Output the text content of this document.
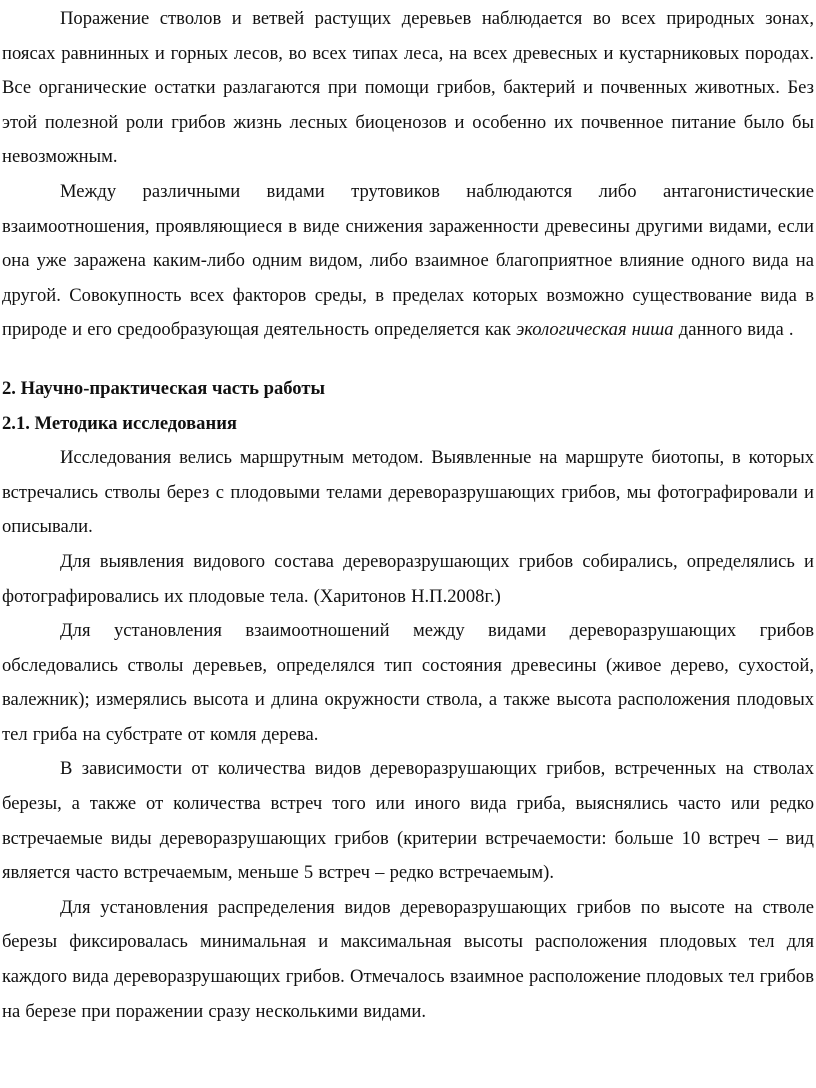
Поражение стволов и ветвей растущих деревьев наблюдается во всех природных зонах, поясах равнинных и горных лесов, во всех типах леса, на всех древесных и кустарниковых породах. Все органические остатки разлагаются при помощи грибов, бактерий и почвенных животных. Без этой полезной роли грибов жизнь лесных биоценозов и особенно их почвенное питание было бы невозможным.

Между различными видами трутовиков наблюдаются либо антагонистические взаимоотношения, проявляющиеся в виде снижения зараженности древесины другими видами, если она уже заражена каким-либо одним видом, либо взаимное благоприятное влияние одного вида на другой. Совокупность всех факторов среды, в пределах которых возможно существование вида в природе и его средообразующая деятельность определяется как экологическая ниша данного вида .

2. Научно-практическая часть работы

2.1. Методика исследования

Исследования велись маршрутным методом. Выявленные на маршруте биотопы, в которых встречались стволы берез с плодовыми телами дереворазрушающих грибов, мы фотографировали и описывали.

Для выявления видового состава дереворазрушающих грибов собирались, определялись и фотографировались их плодовые тела. (Харитонов Н.П.2008г.)

Для установления взаимоотношений между видами дереворазрушающих грибов обследовались стволы деревьев, определялся тип состояния древесины (живое дерево, сухостой, валежник); измерялись высота и длина окружности ствола, а также высота расположения плодовых тел гриба на субстрате от комля дерева.

В зависимости от количества видов дереворазрушающих грибов, встреченных на стволах березы, а также от количества встреч того или иного вида гриба, выяснялись часто или редко встречаемые виды дереворазрушающих грибов (критерии встречаемости: больше 10 встреч – вид является часто встречаемым, меньше 5 встреч – редко встречаемым).

Для установления распределения видов дереворазрушающих грибов по высоте на стволе березы фиксировалась минимальная и максимальная высоты расположения плодовых тел для каждого вида дереворазрушающих грибов. Отмечалось взаимное расположение плодовых тел грибов на березе при поражении сразу несколькими видами.
